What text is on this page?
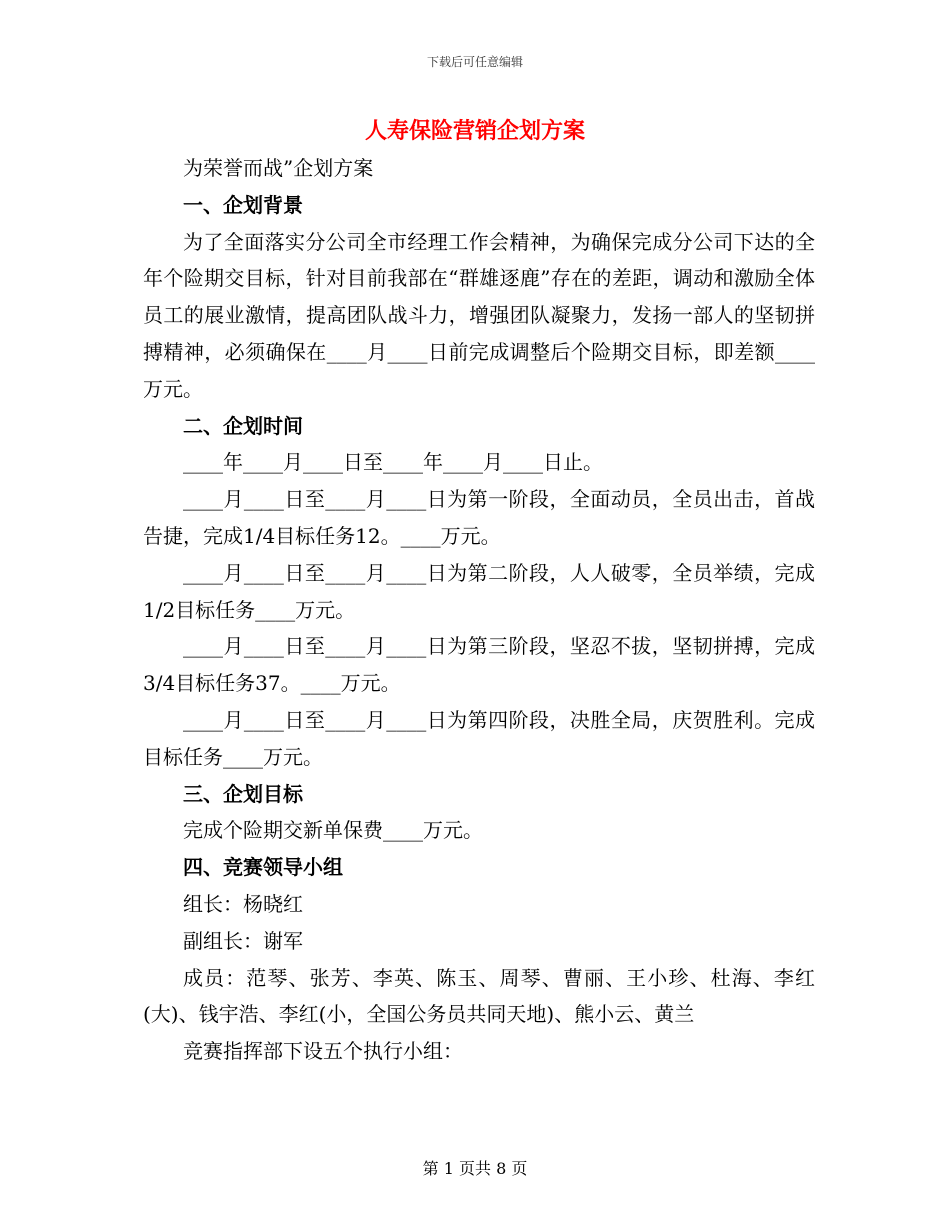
下载后可任意编辑
人寿保险营销企划方案

为荣誉而战”企划方案

一、企划背景

为了全面落实分公司全市经理工作会精神，为确保完成分公司下达的全年个险期交目标，针对目前我部在“群雄逐鹿”存在的差距，调动和激励全体员工的展业激情，提高团队战斗力，增强团队凝聚力，发扬一部人的坚韧拼搏精神，必须确保在____月____日前完成调整后个险期交目标，即差额____万元。

二、企划时间

____年____月____日至____年____月____日止。

____月____日至____月____日为第一阶段，全面动员，全员出击，首战告捷，完成1/4目标任务12。____万元。

____月____日至____月____日为第二阶段，人人破零，全员举绩，完成1/2目标任务____万元。

____月____日至____月____日为第三阶段，坚忍不拔，坚韧拼搏，完成3/4目标任务37。____万元。

____月____日至____月____日为第四阶段，决胜全局，庆贺胜利。完成目标任务____万元。

三、企划目标

完成个险期交新单保费____万元。

四、竞赛领导小组

组长：杨晓红

副组长：谢军

成员：范琴、张芳、李英、陈玉、周琴、曹丽、王小珍、杜海、李红(大)、钱宇浩、李红(小，全国公务员共同天地)、熊小云、黄兰

竞赛指挥部下设五个执行小组：

第 1 页共 8 页
